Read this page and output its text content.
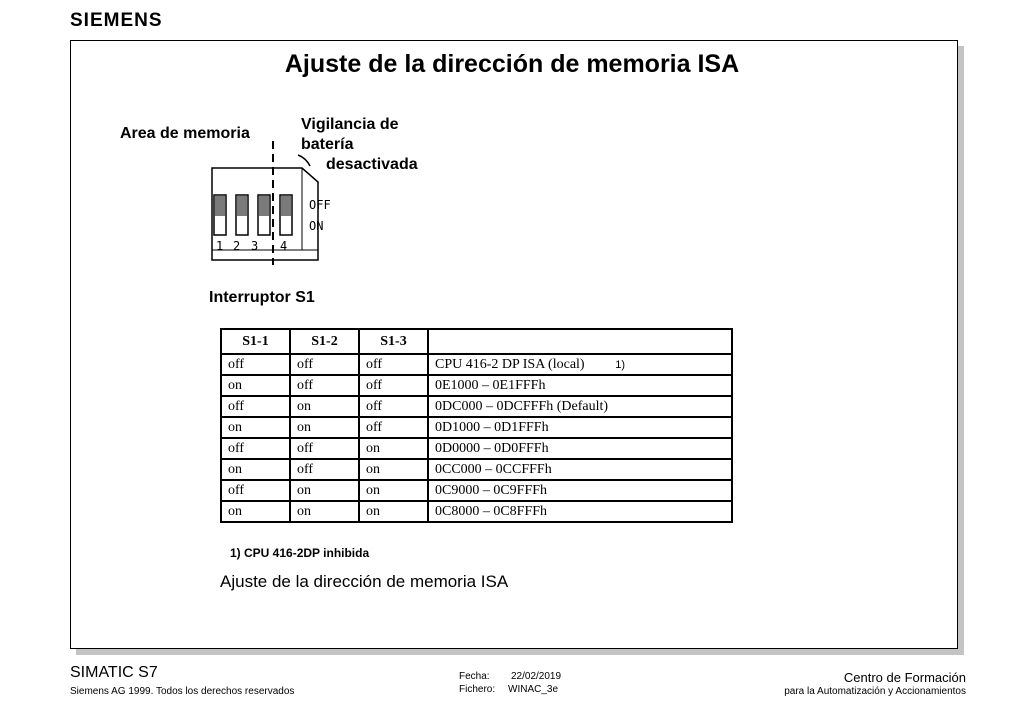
SIEMENS
Ajuste de la dirección de memoria ISA
Area de memoria
Vigilancia de
batería
desactivada
OFF
ON
1 2 3 4
Interruptor S1
S1-1	S1-2	S1-3	
off	off	off	CPU 416-2 DP ISA (local) 1)

on	off	off	0E1000 – 0E1FFFh
off	on	off	0DC000 – 0DCFFFh (Default)
on	on	off	0D1000 – 0D1FFFh
off	off	on	0D0000 – 0D0FFFh
on	off	on	0CC000 – 0CCFFFh
off	on	on	0C9000 – 0C9FFFh
on	on	on	0C8000 – 0C8FFFh
1) CPU 416-2DP inhibida
Ajuste de la dirección de memoria ISA
SIMATIC S7
Siemens AG 1999. Todos los derechos reservados
Fecha: 22/02/2019
Fichero: WINAC_3e
Centro de Formación
para la Automatización y Accionamientos
